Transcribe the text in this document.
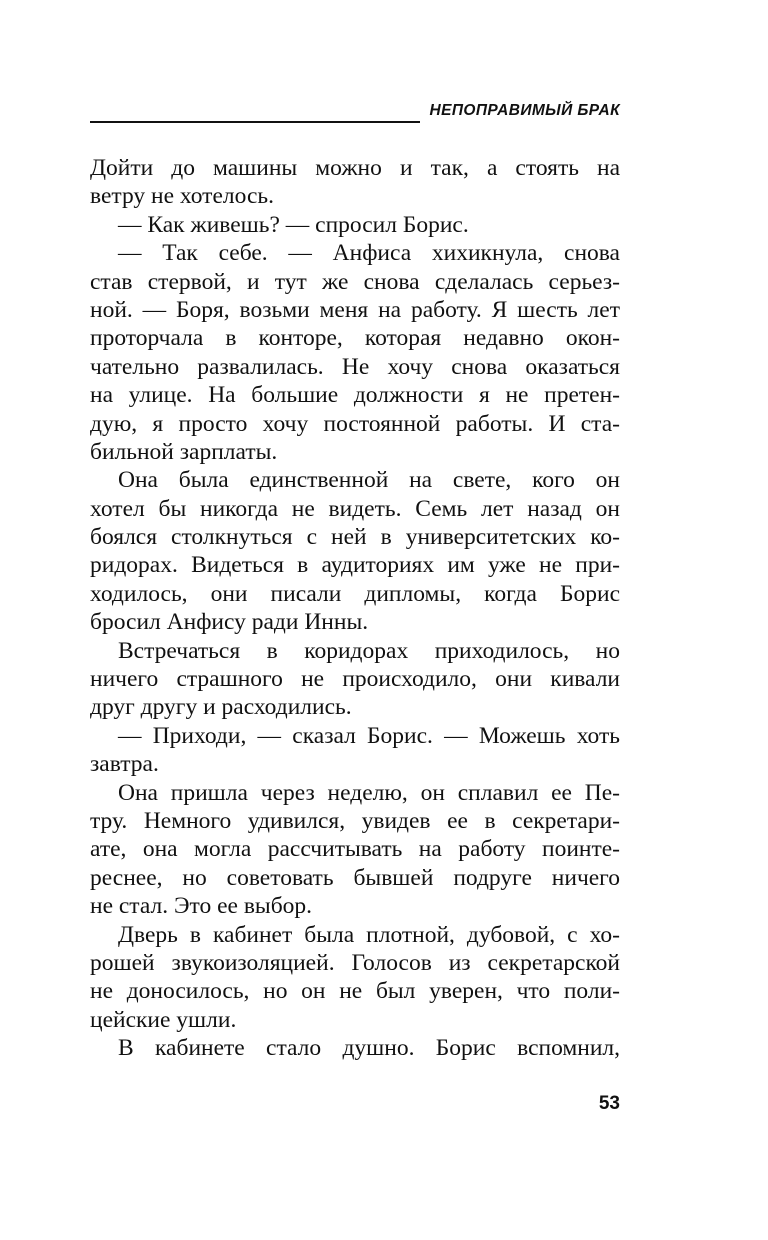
НЕПОПРАВИМЫЙ БРАК
Дойти до машины можно и так, а стоять на
ветру не хотелось.
— Как живешь? — спросил Борис.
— Так себе. — Анфиса хихикнула, снова
став стервой, и тут же снова сделалась серьез-
ной. — Боря, возьми меня на работу. Я шесть лет
проторчала в конторе, которая недавно окон-
чательно развалилась. Не хочу снова оказаться
на улице. На большие должности я не претен-
дую, я просто хочу постоянной работы. И ста-
бильной зарплаты.
Она была единственной на свете, кого он
хотел бы никогда не видеть. Семь лет назад он
боялся столкнуться с ней в университетских ко-
ридорах. Видеться в аудиториях им уже не при-
ходилось, они писали дипломы, когда Борис
бросил Анфису ради Инны.
Встречаться в коридорах приходилось, но
ничего страшного не происходило, они кивали
друг другу и расходились.
— Приходи, — сказал Борис. — Можешь хоть
завтра.
Она пришла через неделю, он сплавил ее Пе-
тру. Немного удивился, увидев ее в секретари-
ате, она могла рассчитывать на работу поинте-
реснее, но советовать бывшей подруге ничего
не стал. Это ее выбор.
Дверь в кабинет была плотной, дубовой, с хо-
рошей звукоизоляцией. Голосов из секретарской
не доносилось, но он не был уверен, что поли-
цейские ушли.
В кабинете стало душно. Борис вспомнил,
53
